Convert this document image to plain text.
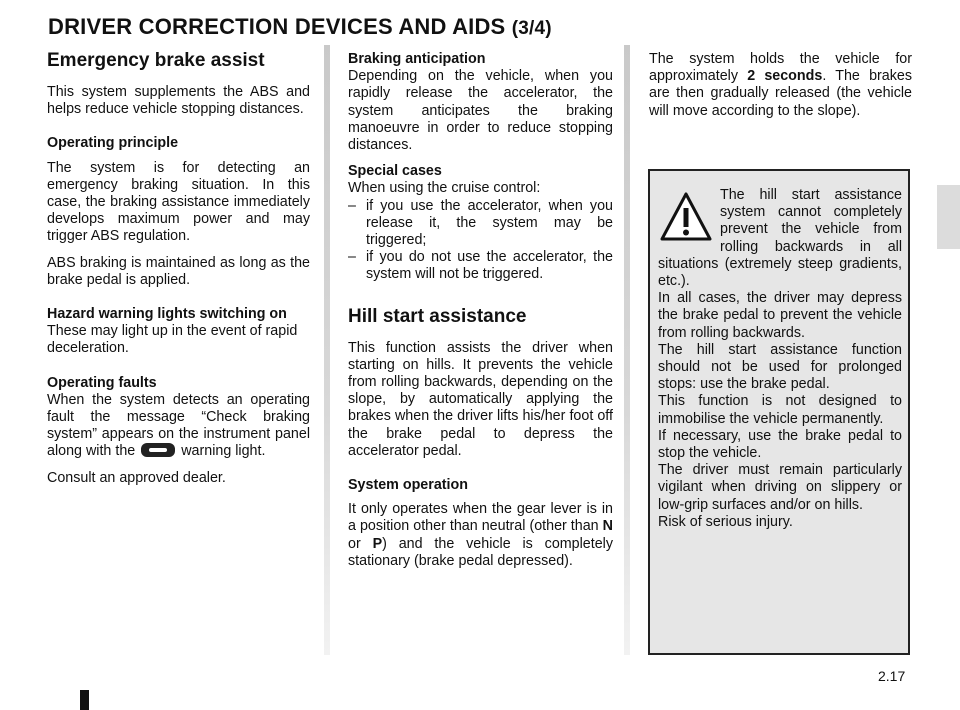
DRIVER CORRECTION DEVICES AND AIDS (3/4)
Emergency brake assist

This system supplements the ABS and helps reduce vehicle stopping distances.

Operating principle

The system is for detecting an emergency braking situation. In this case, the braking assistance immediately develops maximum power and may trigger ABS regulation.

ABS braking is maintained as long as the brake pedal is applied.

Hazard warning lights switching on
These may light up in the event of rapid deceleration.

Operating faults
When the system detects an operating fault the message “Check braking system” appears on the instrument panel along with the	warning light.

Consult an approved dealer.

Braking anticipation
Depending on the vehicle, when you rapidly release the accelerator, the system anticipates the braking manoeuvre in order to reduce stopping distances.

Special cases
When using the cruise control:
– if you use the accelerator, when you release it, the system may be triggered;
– if you do not use the accelerator, the system will not be triggered.
Hill start assistance

This function assists the driver when starting on hills. It prevents the vehicle from rolling backwards, depending on the slope, by automatically applying the brakes when the driver lifts his/her foot off the brake pedal to depress the accelerator pedal.

System operation

It only operates when the gear lever is in a position other than neutral (other than N or P) and the vehicle is completely stationary (brake pedal depressed).

The system holds the vehicle for approximately 2 seconds. The brakes are then gradually released (the vehicle will move according to the slope).

The hill start assistance system cannot completely prevent the vehicle from rolling backwards in all situations (extremely steep gradients, etc.).

In all cases, the driver may depress the brake pedal to prevent the vehicle from rolling backwards.

The hill start assistance function should not be used for prolonged stops: use the brake pedal.

This function is not designed to immobilise the vehicle permanently.

If necessary, use the brake pedal to stop the vehicle.

The driver must remain particularly vigilant when driving on slippery or low-grip surfaces and/or on hills.

Risk of serious injury.

2.17
